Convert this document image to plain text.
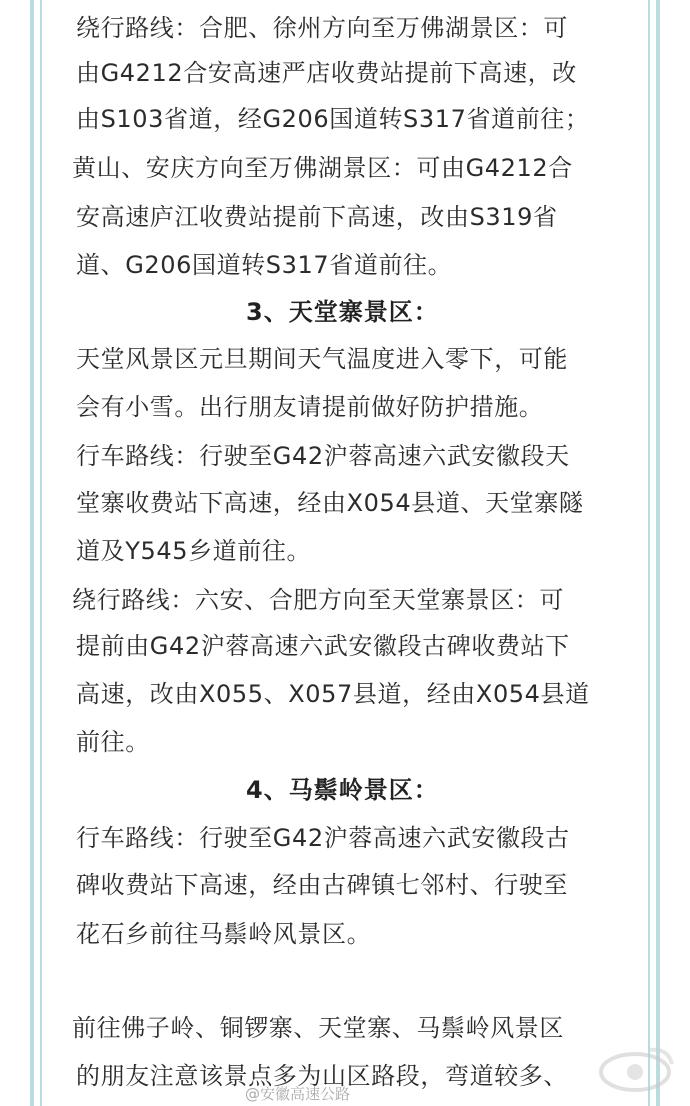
绕行路线：合肥、徐州方向至万佛湖景区：可
由G4212合安高速严店收费站提前下高速，改
由S103省道，经G206国道转S317省道前往；
黄山、安庆方向至万佛湖景区：可由G4212合
安高速庐江收费站提前下高速，改由S319省
道、G206国道转S317省道前往。
3、天堂寨景区：
天堂风景区元旦期间天气温度进入零下，可能
会有小雪。出行朋友请提前做好防护措施。
行车路线：行驶至G42沪蓉高速六武安徽段天
堂寨收费站下高速，经由X054县道、天堂寨隧
道及Y545乡道前往。
绕行路线：六安、合肥方向至天堂寨景区：可
提前由G42沪蓉高速六武安徽段古碑收费站下
高速，改由X055、X057县道，经由X054县道
前往。
4、马鬃岭景区：
行车路线：行驶至G42沪蓉高速六武安徽段古
碑收费站下高速，经由古碑镇七邻村、行驶至
花石乡前往马鬃岭风景区。
前往佛子岭、铜锣寨、天堂寨、马鬃岭风景区
的朋友注意该景点多为山区路段，弯道较多、
@安徽高速公路
